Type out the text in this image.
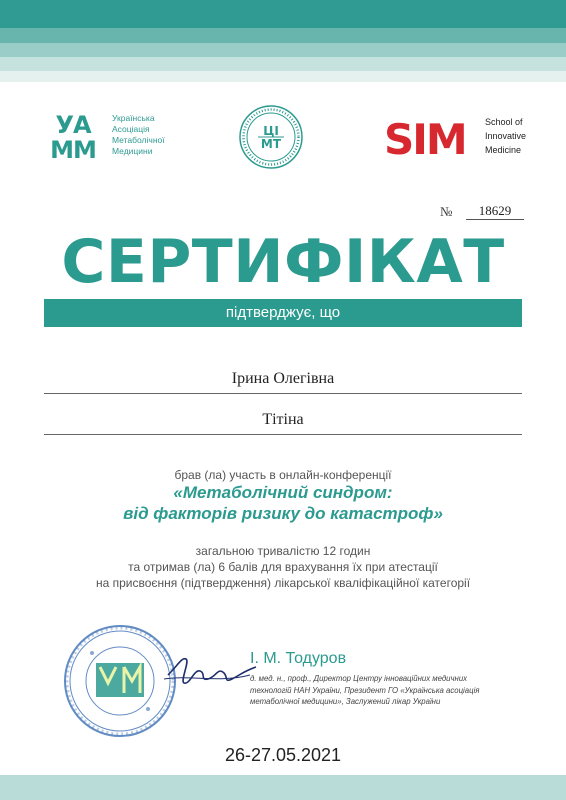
УА
ММ
Українська
Асоціація
Метаболічної
Медицини
ЦІ
МТ SIM School of
Innovative
Medicine
№	18629
СЕРТИФІКАТ
підтверджує, що
Ірина Олегівна
Тітіна
брав (ла) участь в онлайн-конференції
«Метаболічний синдром:
від факторів ризику до катастроф»
загальною тривалістю 12 годин
та отримав (ла) 6 балів для врахування їх при атестації
на присвоєння (підтвердження) лікарської кваліфікаційної категорії
І. М. Тодуров
д. мед. н., проф., Директор Центру інноваційних медичних
технологій НАН України, Президент ГО «Українська асоціація
метаболічної медицини», Заслужений лікар України
26-27.05.2021
